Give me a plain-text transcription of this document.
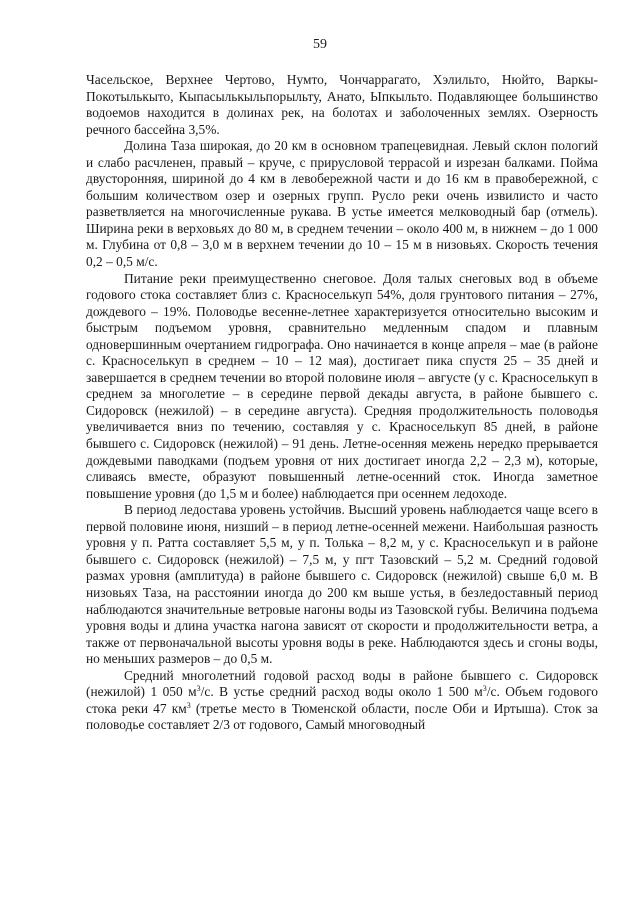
59

Часельское, Верхнее Чертово, Нумто, Чончаррагато, Хэлильто, Нюйто, Варкы-Покотылькыто, Кыпасылькыльпорыльту, Анато, Ыпкыльто. Подавляющее большинство водоемов находится в долинах рек, на болотах и заболоченных землях. Озерность речного бассейна 3,5%.

Долина Таза широкая, до 20 км в основном трапецевидная. Левый склон пологий и слабо расчленен, правый – круче, с прирусловой террасой и изрезан балками. Пойма двусторонняя, шириной до 4 км в левобережной части и до 16 км в правобережной, с большим количеством озер и озерных групп. Русло реки очень извилисто и часто разветвляется на многочисленные рукава. В устье имеется мелководный бар (отмель). Ширина реки в верховьях до 80 м, в среднем течении – около 400 м, в нижнем – до 1 000 м. Глубина от 0,8 – 3,0 м в верхнем течении до 10 – 15 м в низовьях. Скорость течения 0,2 – 0,5 м/с.

Питание реки преимущественно снеговое. Доля талых снеговых вод в объеме годового стока составляет близ с. Красноселькуп 54%, доля грунтового питания – 27%, дождевого – 19%. Половодье весенне-летнее характеризуется относительно высоким и быстрым подъемом уровня, сравнительно медленным спадом и плавным одновершинным очертанием гидрографа. Оно начинается в конце апреля – мае (в районе с. Красноселькуп в среднем – 10 – 12 мая), достигает пика спустя 25 – 35 дней и завершается в среднем течении во второй половине июля – августе (у с. Красноселькуп в среднем за многолетие – в середине первой декады августа, в районе бывшего с. Сидоровск (нежилой) – в середине августа). Средняя продолжительность половодья увеличивается вниз по течению, составляя у с. Красноселькуп 85 дней, в районе бывшего с. Сидоровск (нежилой) – 91 день. Летне-осенняя межень нередко прерывается дождевыми паводками (подъем уровня от них достигает иногда 2,2 – 2,3 м), которые, сливаясь вместе, образуют повышенный летне-осенний сток. Иногда заметное повышение уровня (до 1,5 м и более) наблюдается при осеннем ледоходе.

В период ледостава уровень устойчив. Высший уровень наблюдается чаще всего в первой половине июня, низший – в период летне-осенней межени. Наибольшая разность уровня у п. Ратта составляет 5,5 м, у п. Толька – 8,2 м, у с. Красноселькуп и в районе бывшего с. Сидоровск (нежилой) – 7,5 м, у пгт Тазовский – 5,2 м. Средний годовой размах уровня (амплитуда) в районе бывшего с. Сидоровск (нежилой) свыше 6,0 м. В низовьях Таза, на расстоянии иногда до 200 км выше устья, в безледоставный период наблюдаются значительные ветровые нагоны воды из Тазовской губы. Величина подъема уровня воды и длина участка нагона зависят от скорости и продолжительности ветра, а также от первоначальной высоты уровня воды в реке. Наблюдаются здесь и сгоны воды, но меньших размеров – до 0,5 м.

Средний многолетний годовой расход воды в районе бывшего с. Сидоровск (нежилой) 1 050 $м^3/с$. В устье средний расход воды около 1 500 $м^3/с$. Объем годового стока реки 47 $км^3$ (третье место в Тюменской области, после Оби и Иртыша). Сток за половодье составляет 2/3 от годового, Самый многоводный
